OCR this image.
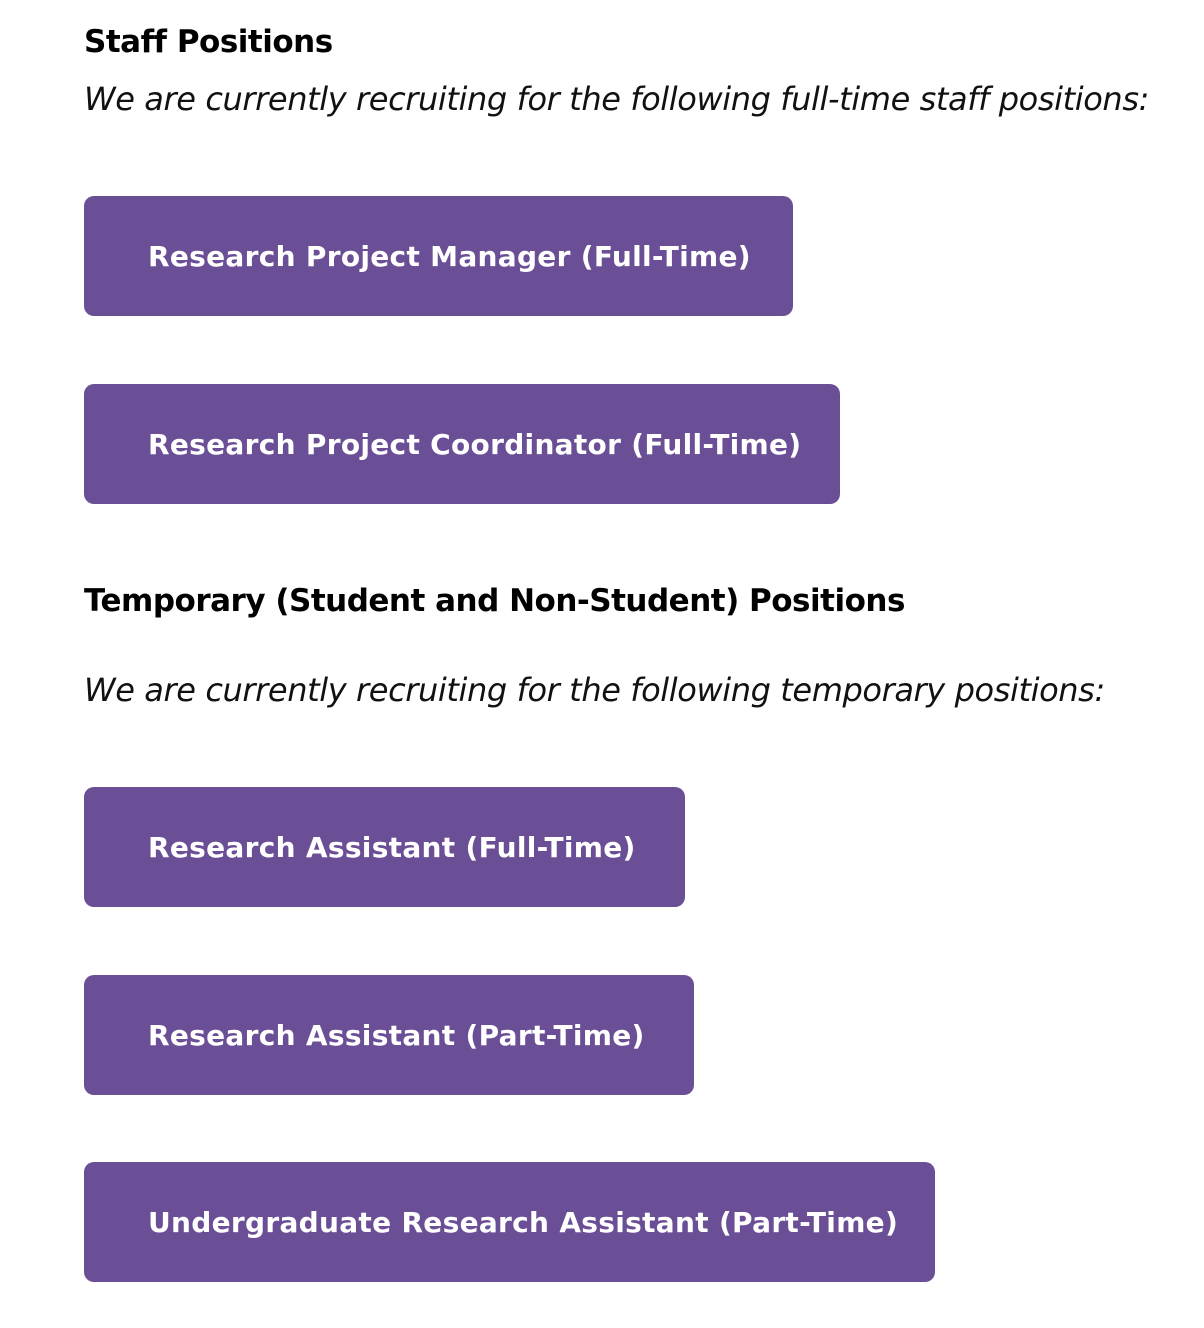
Staff Positions

We are currently recruiting for the following full-time staff positions:

Research Project Manager (Full-Time)
Research Project Coordinator (Full-Time)
Temporary (Student and Non-Student) Positions

We are currently recruiting for the following temporary positions:

Research Assistant (Full-Time)
Research Assistant (Part-Time)
Undergraduate Research Assistant (Part-Time)
